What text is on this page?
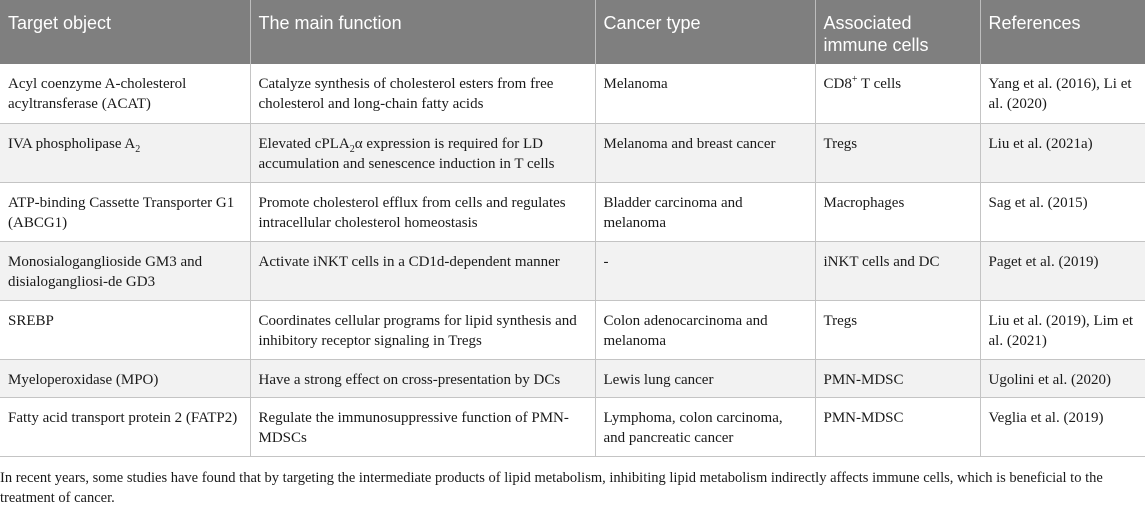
Target object	The main function	Cancer type	Associated immune cells	References
Acyl coenzyme A-cholesterol acyltransferase (ACAT)	Catalyze synthesis of cholesterol esters from free cholesterol and long-chain fatty acids	Melanoma	CD8+ T cells	Yang et al. (2016), Li et al. (2020)
IVA phospholipase $A_2$	Elevated cPLA$_2$α expression is required for LD accumulation and senescence induction in T cells	Melanoma and breast cancer	Tregs	Liu et al. (2021a)
ATP-binding Cassette Transporter G1 (ABCG1)	Promote cholesterol efflux from cells and regulates intracellular cholesterol homeostasis	Bladder carcinoma and melanoma	Macrophages	Sag et al. (2015)
Monosialoganglioside GM3 and disialogangliosi-de GD3	Activate iNKT cells in a CD1d-dependent manner	-	iNKT cells and DC	Paget et al. (2019)
SREBP	Coordinates cellular programs for lipid synthesis and inhibitory receptor signaling in Tregs	Colon adenocarcinoma and melanoma	Tregs	Liu et al. (2019), Lim et al. (2021)
Myeloperoxidase (MPO)	Have a strong effect on cross-presentation by DCs	Lewis lung cancer	PMN-MDSC	Ugolini et al. (2020)
Fatty acid transport protein 2 (FATP2)	Regulate the immunosuppressive function of PMN-MDSCs	Lymphoma, colon carcinoma, and pancreatic cancer	PMN-MDSC	Veglia et al. (2019)
In recent years, some studies have found that by targeting the intermediate products of lipid metabolism, inhibiting lipid metabolism indirectly affects immune cells, which is beneficial to the treatment of cancer.
